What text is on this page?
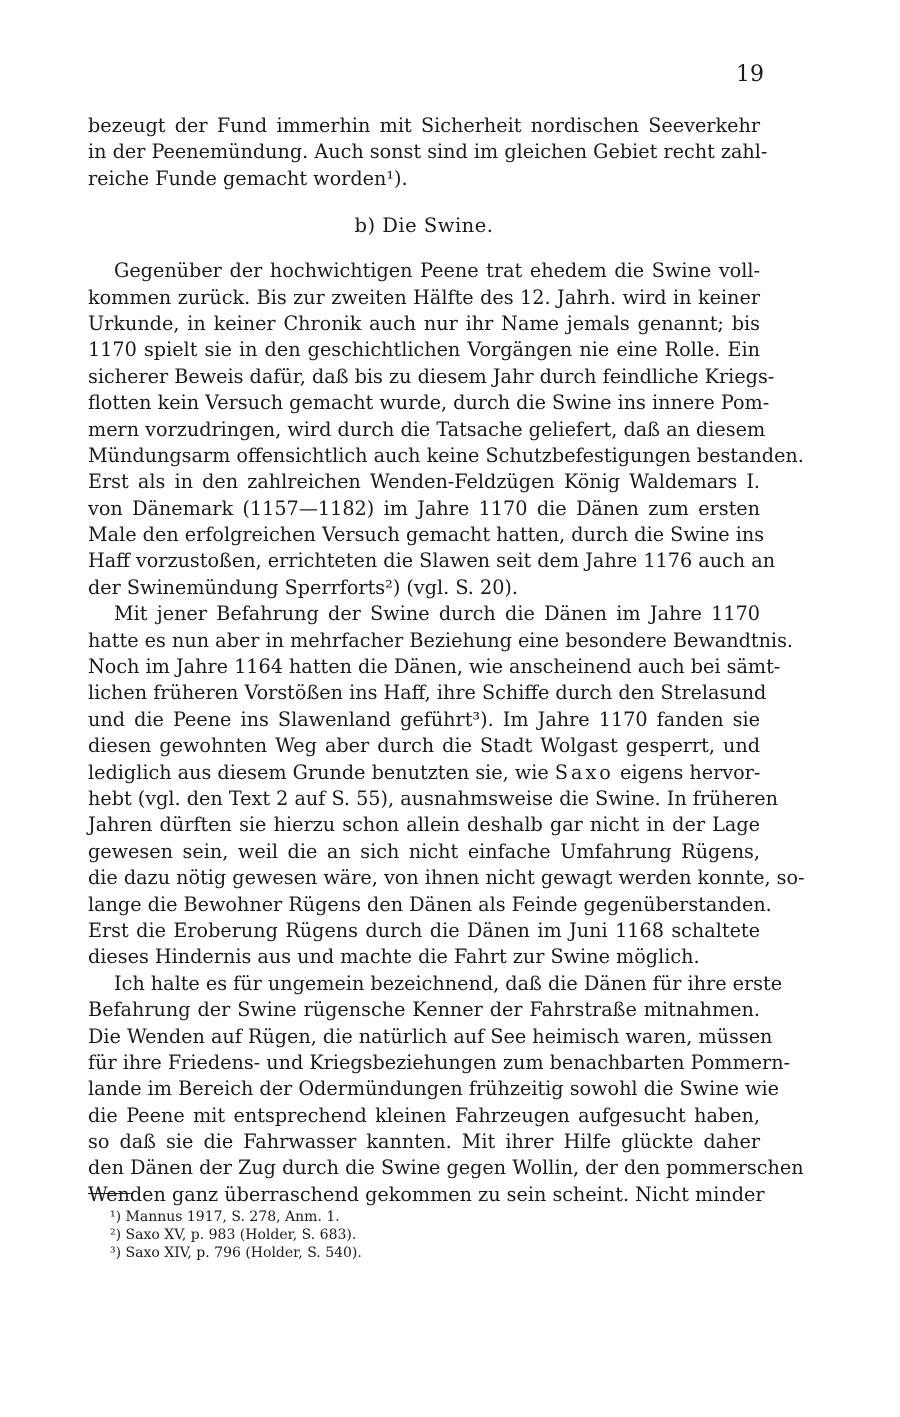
19
bezeugt der Fund immerhin mit Sicherheit nordischen Seeverkehr
in der Peenemündung. Auch sonst sind im gleichen Gebiet recht zahl-
reiche Funde gemacht worden¹).
b) Die Swine.
Gegenüber der hochwichtigen Peene trat ehedem die Swine voll-
kommen zurück. Bis zur zweiten Hälfte des 12. Jahrh. wird in keiner
Urkunde, in keiner Chronik auch nur ihr Name jemals genannt; bis
1170 spielt sie in den geschichtlichen Vorgängen nie eine Rolle. Ein
sicherer Beweis dafür, daß bis zu diesem Jahr durch feindliche Kriegs-
flotten kein Versuch gemacht wurde, durch die Swine ins innere Pom-
mern vorzudringen, wird durch die Tatsache geliefert, daß an diesem
Mündungsarm offensichtlich auch keine Schutzbefestigungen bestanden.
Erst als in den zahlreichen Wenden-Feldzügen König Waldemars I.
von Dänemark (1157—1182) im Jahre 1170 die Dänen zum ersten
Male den erfolgreichen Versuch gemacht hatten, durch die Swine ins
Haff vorzustoßen, errichteten die Slawen seit dem Jahre 1176 auch an
der Swinemündung Sperrforts²) (vgl. S. 20).
Mit jener Befahrung der Swine durch die Dänen im Jahre 1170
hatte es nun aber in mehrfacher Beziehung eine besondere Bewandtnis.
Noch im Jahre 1164 hatten die Dänen, wie anscheinend auch bei sämt-
lichen früheren Vorstößen ins Haff, ihre Schiffe durch den Strelasund
und die Peene ins Slawenland geführt³). Im Jahre 1170 fanden sie
diesen gewohnten Weg aber durch die Stadt Wolgast gesperrt, und
lediglich aus diesem Grunde benutzten sie, wie Saxo eigens hervor-
hebt (vgl. den Text 2 auf S. 55), ausnahmsweise die Swine. In früheren
Jahren dürften sie hierzu schon allein deshalb gar nicht in der Lage
gewesen sein, weil die an sich nicht einfache Umfahrung Rügens,
die dazu nötig gewesen wäre, von ihnen nicht gewagt werden konnte, so-
lange die Bewohner Rügens den Dänen als Feinde gegenüberstanden.
Erst die Eroberung Rügens durch die Dänen im Juni 1168 schaltete
dieses Hindernis aus und machte die Fahrt zur Swine möglich.
Ich halte es für ungemein bezeichnend, daß die Dänen für ihre erste
Befahrung der Swine rügensche Kenner der Fahrstraße mitnahmen.
Die Wenden auf Rügen, die natürlich auf See heimisch waren, müssen
für ihre Friedens- und Kriegsbeziehungen zum benachbarten Pommern-
lande im Bereich der Odermündungen frühzeitig sowohl die Swine wie
die Peene mit entsprechend kleinen Fahrzeugen aufgesucht haben,
so daß sie die Fahrwasser kannten. Mit ihrer Hilfe glückte daher
den Dänen der Zug durch die Swine gegen Wollin, der den pommerschen
Wenden ganz überraschend gekommen zu sein scheint. Nicht minder
¹) Mannus 1917, S. 278, Anm. 1.
²) Saxo XV, p. 983 (Holder, S. 683).
³) Saxo XIV, p. 796 (Holder, S. 540).
